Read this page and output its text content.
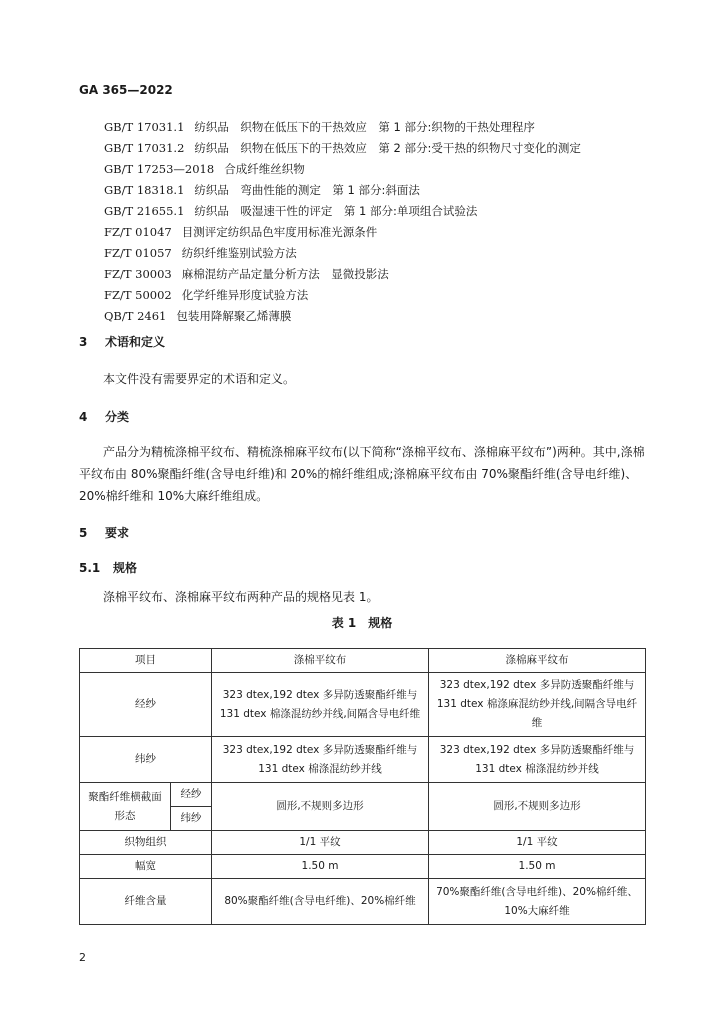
GA 365—2022
GB/T 17031.1 纺织品　织物在低压下的干热效应　第 1 部分:织物的干热处理程序
GB/T 17031.2 纺织品　织物在低压下的干热效应　第 2 部分:受干热的织物尺寸变化的测定
GB/T 17253—2018 合成纤维丝织物
GB/T 18318.1 纺织品　弯曲性能的测定　第 1 部分:斜面法
GB/T 21655.1 纺织品　吸湿速干性的评定　第 1 部分:单项组合试验法
FZ/T 01047 目测评定纺织品色牢度用标准光源条件
FZ/T 01057 纺织纤维鉴别试验方法
FZ/T 30003 麻棉混纺产品定量分析方法　显微投影法
FZ/T 50002 化学纤维异形度试验方法
QB/T 2461 包装用降解聚乙烯薄膜
3 术语和定义

本文件没有需要界定的术语和定义。

4 分类

产品分为精梳涤棉平纹布、精梳涤棉麻平纹布(以下简称“涤棉平纹布、涤棉麻平纹布”)两种。其中,涤棉平纹布由 80%聚酯纤维(含导电纤维)和 20%的棉纤维组成;涤棉麻平纹布由 70%聚酯纤维(含导电纤维)、20%棉纤维和 10%大麻纤维组成。

5 要求
5.1 规格

涤棉平纹布、涤棉麻平纹布两种产品的规格见表 1。

表 1　规格
项目		涤棉平纹布	涤棉麻平纹布
经纱		323 dtex,192 dtex 多异防透聚酯纤维与 131 dtex 棉涤混纺纱并线,间隔含导电纤维	323 dtex,192 dtex 多异防透聚酯纤维与 131 dtex 棉涤麻混纺纱并线,间隔含导电纤维
纬纱		323 dtex,192 dtex 多异防透聚酯纤维与 131 dtex 棉涤混纺纱并线	323 dtex,192 dtex 多异防透聚酯纤维与 131 dtex 棉涤混纺纱并线
聚酯纤维横截面形态	经纱	圆形,不规则多边形	圆形,不规则多边形
	纬纱		
织物组织		1/1 平纹	1/1 平纹
幅宽		1.50 m	1.50 m
纤维含量		80%聚酯纤维(含导电纤维)、20%棉纤维	70%聚酯纤维(含导电纤维)、20%棉纤维、10%大麻纤维
2
